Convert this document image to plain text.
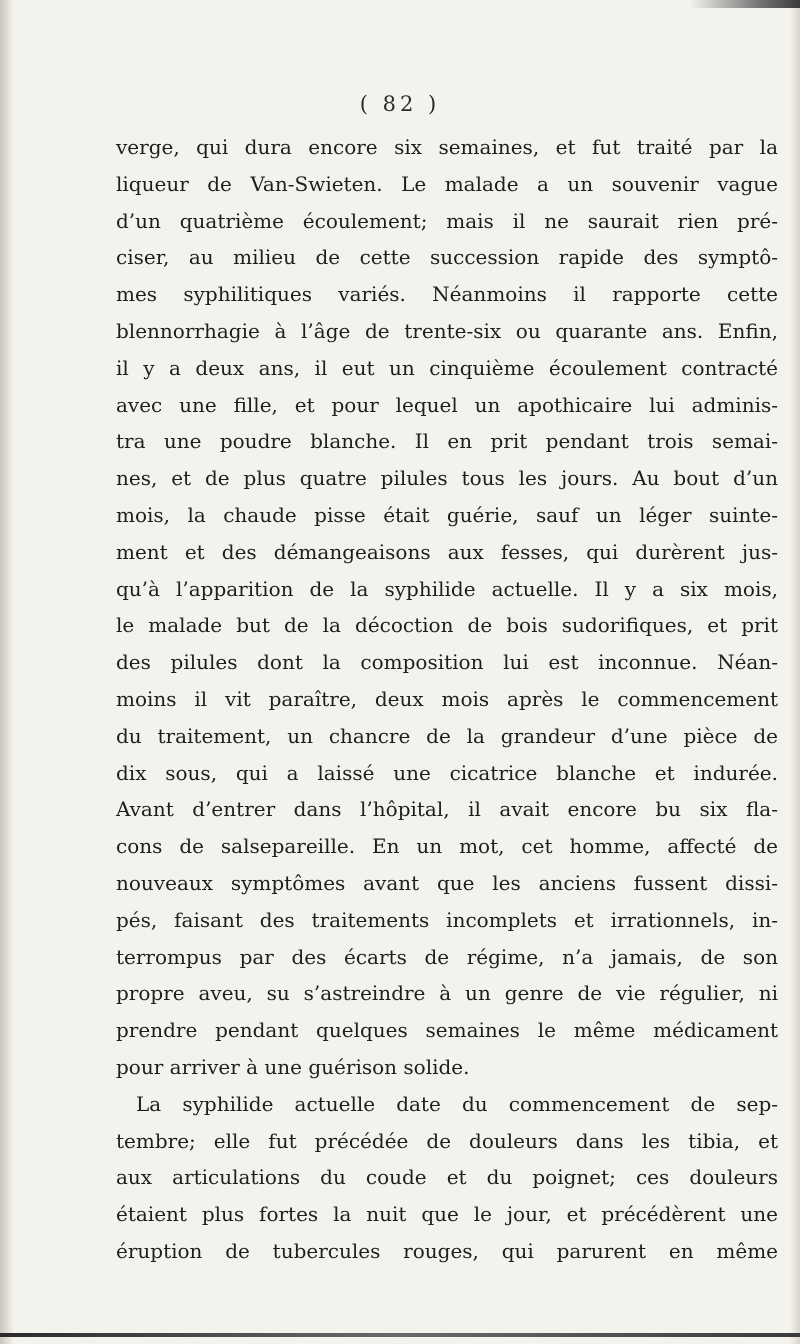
( 82 )
verge, qui dura encore six semaines, et fut traité par la
liqueur de Van-Swieten. Le malade a un souvenir vague
d’un quatrième écoulement; mais il ne saurait rien pré-
ciser, au milieu de cette succession rapide des symptô-
mes syphilitiques variés. Néanmoins il rapporte cette
blennorrhagie à l’âge de trente-six ou quarante ans. Enfin,
il y a deux ans, il eut un cinquième écoulement contracté
avec une fille, et pour lequel un apothicaire lui adminis-
tra une poudre blanche. Il en prit pendant trois semai-
nes, et de plus quatre pilules tous les jours. Au bout d’un
mois, la chaude pisse était guérie, sauf un léger suinte-
ment et des démangeaisons aux fesses, qui durèrent jus-
qu’à l’apparition de la syphilide actuelle. Il y a six mois,
le malade but de la décoction de bois sudorifiques, et prit
des pilules dont la composition lui est inconnue. Néan-
moins il vit paraître, deux mois après le commencement
du traitement, un chancre de la grandeur d’une pièce de
dix sous, qui a laissé une cicatrice blanche et indurée.
Avant d’entrer dans l’hôpital, il avait encore bu six fla-
cons de salsepareille. En un mot, cet homme, affecté de
nouveaux symptômes avant que les anciens fussent dissi-
pés, faisant des traitements incomplets et irrationnels, in-
terrompus par des écarts de régime, n’a jamais, de son
propre aveu, su s’astreindre à un genre de vie régulier, ni
prendre pendant quelques semaines le même médicament
pour arriver à une guérison solide.
La syphilide actuelle date du commencement de sep-
tembre; elle fut précédée de douleurs dans les tibia, et
aux articulations du coude et du poignet; ces douleurs
étaient plus fortes la nuit que le jour, et précédèrent une
éruption de tubercules rouges, qui parurent en même
